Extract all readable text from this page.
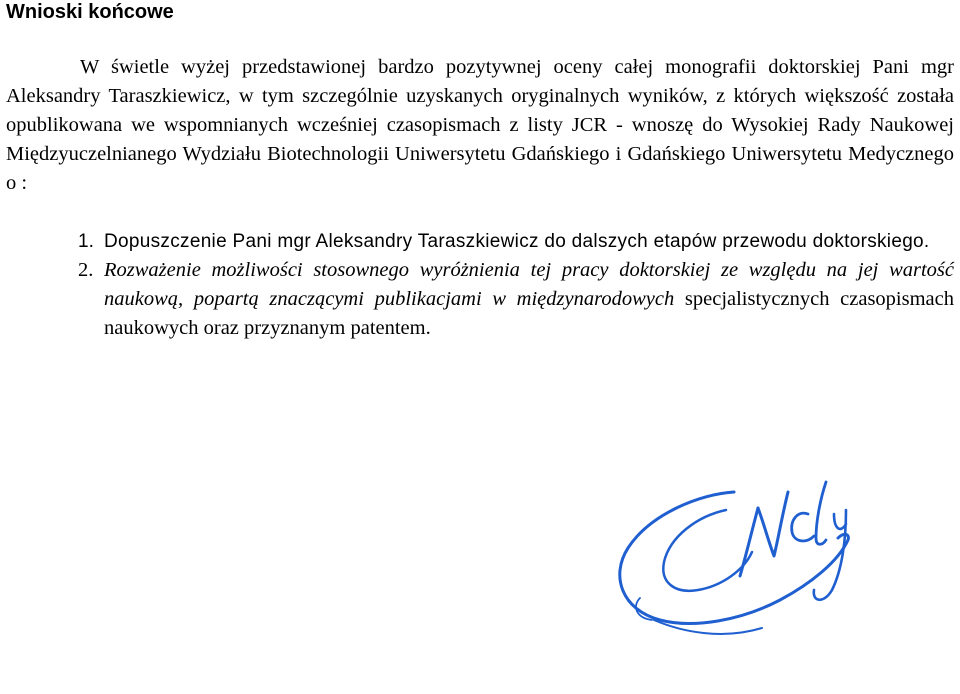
Wnioski końcowe

W świetle wyżej przedstawionej bardzo pozytywnej oceny całej monografii doktorskiej Pani mgr Aleksandry Taraszkiewicz, w tym szczególnie uzyskanych oryginalnych wyników, z których większość została opublikowana we wspomnianych wcześniej czasopismach z listy JCR - wnoszę do Wysokiej Rady Naukowej Międzyuczelnianego Wydziału Biotechnologii Uniwersytetu Gdańskiego i Gdańskiego Uniwersytetu Medycznego o :

1. Dopuszczenie Pani mgr Aleksandry Taraszkiewicz do dalszych etapów przewodu doktorskiego.
2. Rozważenie możliwości stosownego wyróżnienia tej pracy doktorskiej ze względu na jej wartość naukową, popartą znaczącymi publikacjami w międzynarodowych specjalistycznych czasopismach naukowych oraz przyznanym patentem.
